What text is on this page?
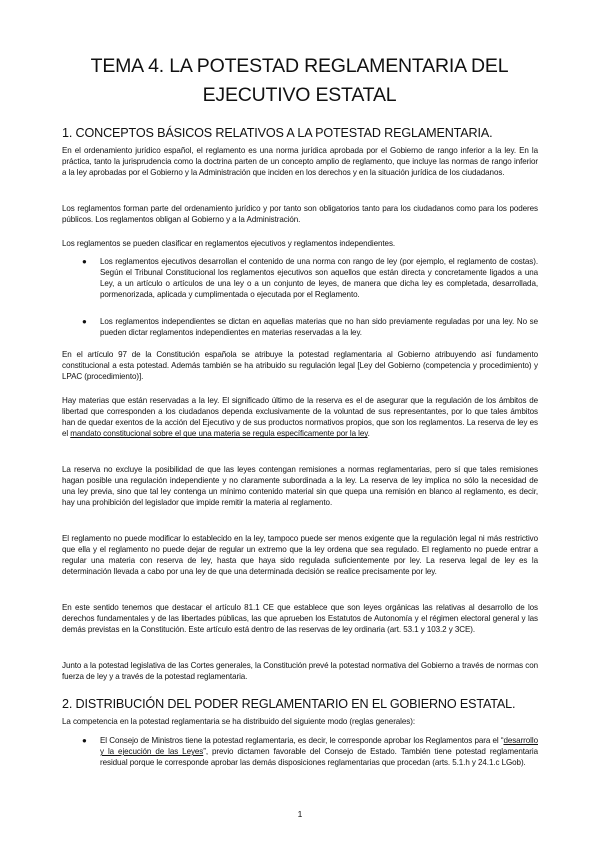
TEMA 4. LA POTESTAD REGLAMENTARIA DEL EJECUTIVO ESTATAL
1. CONCEPTOS BÁSICOS RELATIVOS A LA POTESTAD REGLAMENTARIA.

En el ordenamiento jurídico español, el reglamento es una norma jurídica aprobada por el Gobierno de rango inferior a la ley. En la práctica, tanto la jurisprudencia como la doctrina parten de un concepto amplio de reglamento, que incluye las normas de rango inferior a la ley aprobadas por el Gobierno y la Administración que inciden en los derechos y en la situación jurídica de los ciudadanos.

Los reglamentos forman parte del ordenamiento jurídico y por tanto son obligatorios tanto para los ciudadanos como para los poderes públicos. Los reglamentos obligan al Gobierno y a la Administración.

Los reglamentos se pueden clasificar en reglamentos ejecutivos y reglamentos independientes.

● Los reglamentos ejecutivos desarrollan el contenido de una norma con rango de ley (por ejemplo, el reglamento de costas). Según el Tribunal Constitucional los reglamentos ejecutivos son aquellos que están directa y concretamente ligados a una Ley, a un artículo o artículos de una ley o a un conjunto de leyes, de manera que dicha ley es completada, desarrollada, pormenorizada, aplicada y cumplimentada o ejecutada por el Reglamento.

● Los reglamentos independientes se dictan en aquellas materias que no han sido previamente reguladas por una ley. No se pueden dictar reglamentos independientes en materias reservadas a la ley.

En el artículo 97 de la Constitución española se atribuye la potestad reglamentaria al Gobierno atribuyendo así fundamento constitucional a esta potestad. Además también se ha atribuido su regulación legal [Ley del Gobierno (competencia y procedimiento) y LPAC (procedimiento)].

Hay materias que están reservadas a la ley. El significado último de la reserva es el de asegurar que la regulación de los ámbitos de libertad que corresponden a los ciudadanos dependa exclusivamente de la voluntad de sus representantes, por lo que tales ámbitos han de quedar exentos de la acción del Ejecutivo y de sus productos normativos propios, que son los reglamentos. La reserva de ley es el mandato constitucional sobre el que una materia se regula específicamente por la ley.

La reserva no excluye la posibilidad de que las leyes contengan remisiones a normas reglamentarias, pero sí que tales remisiones hagan posible una regulación independiente y no claramente subordinada a la ley. La reserva de ley implica no sólo la necesidad de una ley previa, sino que tal ley contenga un mínimo contenido material sin que quepa una remisión en blanco al reglamento, es decir, hay una prohibición del legislador que impide remitir la materia al reglamento.

El reglamento no puede modificar lo establecido en la ley, tampoco puede ser menos exigente que la regulación legal ni más restrictivo que ella y el reglamento no puede dejar de regular un extremo que la ley ordena que sea regulado. El reglamento no puede entrar a regular una materia con reserva de ley, hasta que haya sido regulada suficientemente por ley. La reserva legal de ley es la determinación llevada a cabo por una ley de que una determinada decisión se realice precisamente por ley.

En este sentido tenemos que destacar el artículo 81.1 CE que establece que son leyes orgánicas las relativas al desarrollo de los derechos fundamentales y de las libertades públicas, las que aprueben los Estatutos de Autonomía y el régimen electoral general y las demás previstas en la Constitución. Este artículo está dentro de las reservas de ley ordinaria (art. 53.1 y 103.2 y 3CE).

Junto a la potestad legislativa de las Cortes generales, la Constitución prevé la potestad normativa del Gobierno a través de normas con fuerza de ley y a través de la potestad reglamentaria.

2. DISTRIBUCIÓN DEL PODER REGLAMENTARIO EN EL GOBIERNO ESTATAL.

La competencia en la potestad reglamentaria se ha distribuido del siguiente modo (reglas generales):

● El Consejo de Ministros tiene la potestad reglamentaria, es decir, le corresponde aprobar los Reglamentos para el “desarrollo y la ejecución de las Leyes”, previo dictamen favorable del Consejo de Estado. También tiene potestad reglamentaria residual porque le corresponde aprobar las demás disposiciones reglamentarias que procedan (arts. 5.1.h y 24.1.c LGob).

1
